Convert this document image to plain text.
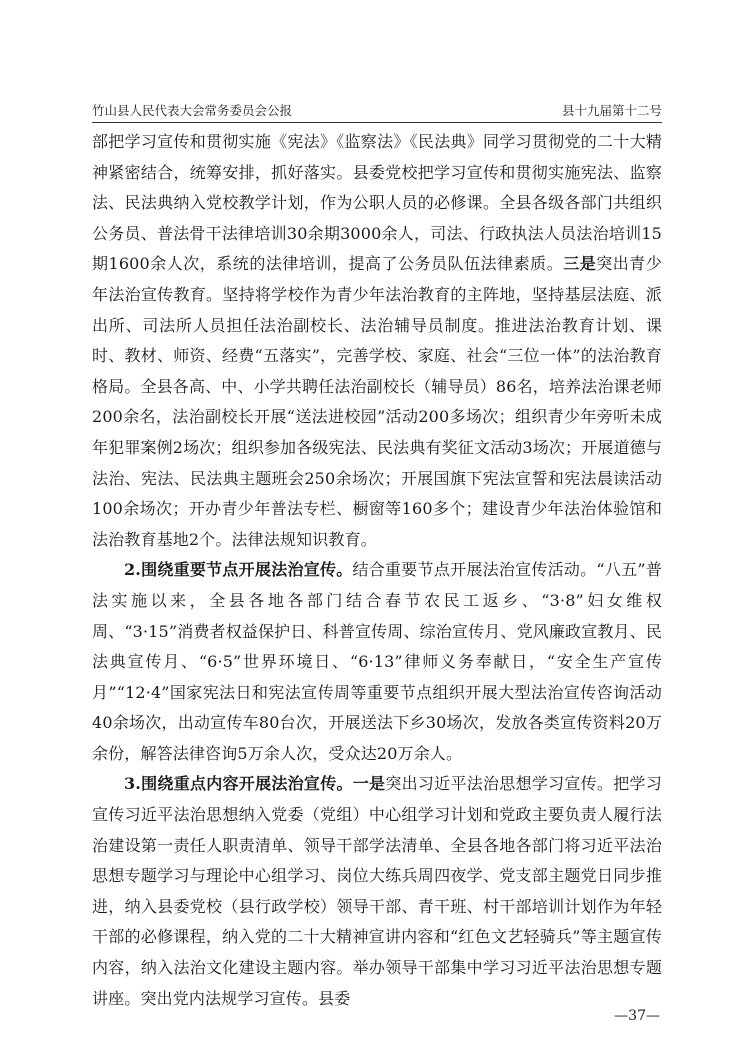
竹山县人民代表大会常务委员会公报	县十九届第十二号

部把学习宣传和贯彻实施《宪法》《监察法》《民法典》同学习贯彻党的二十大精神紧密结合，统筹安排，抓好落实。县委党校把学习宣传和贯彻实施宪法、监察法、民法典纳入党校教学计划，作为公职人员的必修课。全县各级各部门共组织公务员、普法骨干法律培训30余期3000余人，司法、行政执法人员法治培训15期1600余人次，系统的法律培训，提高了公务员队伍法律素质。三是突出青少年法治宣传教育。坚持将学校作为青少年法治教育的主阵地，坚持基层法庭、派出所、司法所人员担任法治副校长、法治辅导员制度。推进法治教育计划、课时、教材、师资、经费“五落实”，完善学校、家庭、社会“三位一体”的法治教育格局。全县各高、中、小学共聘任法治副校长（辅导员）86名，培养法治课老师200余名，法治副校长开展“送法进校园”活动200多场次；组织青少年旁听未成年犯罪案例2场次；组织参加各级宪法、民法典有奖征文活动3场次；开展道德与法治、宪法、民法典主题班会250余场次；开展国旗下宪法宣誓和宪法晨读活动100余场次；开办青少年普法专栏、橱窗等160多个；建设青少年法治体验馆和法治教育基地2个。法律法规知识教育。

2.围绕重要节点开展法治宣传。结合重要节点开展法治宣传活动。“八五”普法实施以来，全县各地各部门结合春节农民工返乡、“3·8”妇女维权周、“3·15”消费者权益保护日、科普宣传周、综治宣传月、党风廉政宣教月、民法典宣传月、“6·5”世界环境日、“6·13”律师义务奉献日，“安全生产宣传月”“12·4”国家宪法日和宪法宣传周等重要节点组织开展大型法治宣传咨询活动40余场次，出动宣传车80台次，开展送法下乡30场次，发放各类宣传资料20万余份，解答法律咨询5万余人次，受众达20万余人。

3.围绕重点内容开展法治宣传。一是突出习近平法治思想学习宣传。把学习宣传习近平法治思想纳入党委（党组）中心组学习计划和党政主要负责人履行法治建设第一责任人职责清单、领导干部学法清单、全县各地各部门将习近平法治思想专题学习与理论中心组学习、岗位大练兵周四夜学、党支部主题党日同步推进，纳入县委党校（县行政学校）领导干部、青干班、村干部培训计划作为年轻干部的必修课程，纳入党的二十大精神宣讲内容和“红色文艺轻骑兵”等主题宣传内容，纳入法治文化建设主题内容。举办领导干部集中学习习近平法治思想专题讲座。突出党内法规学习宣传。县委

—37—
